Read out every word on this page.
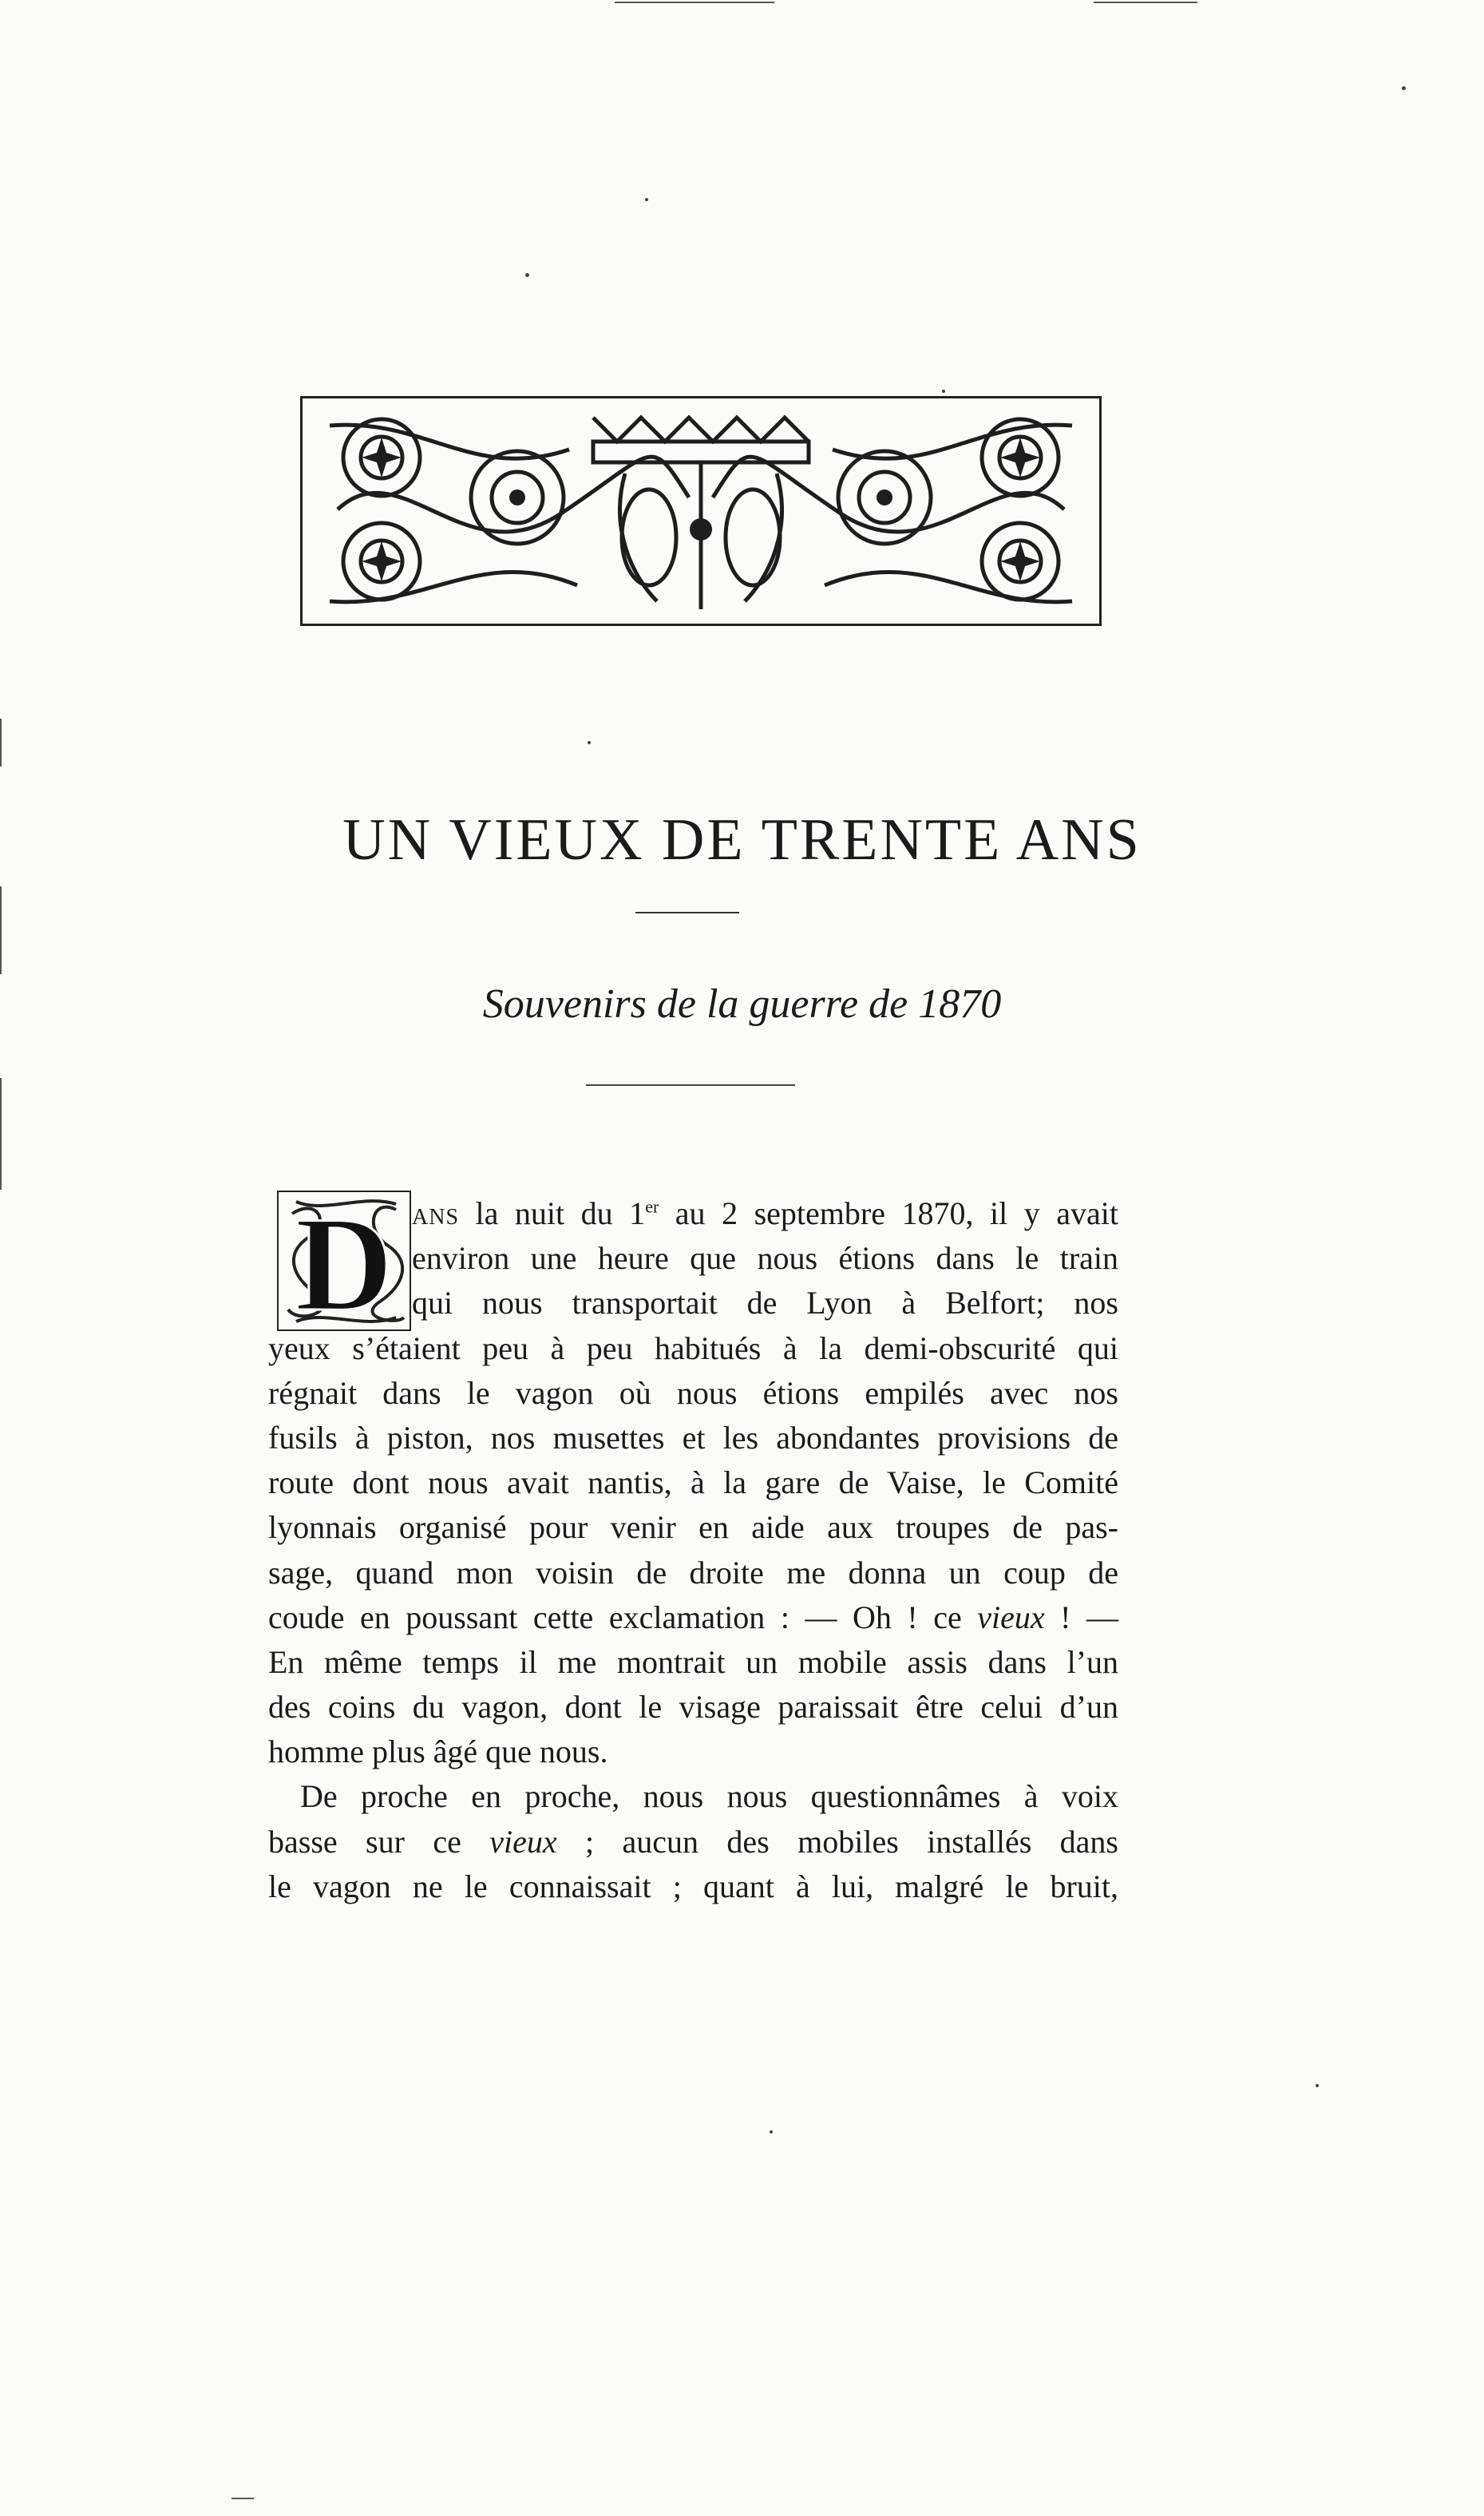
UN VIEUX DE TRENTE ANS

Souvenirs de la guerre de 1870

D ANS la nuit du 1er au 2 septembre 1870, il y avait
environ une heure que nous étions dans le train
qui nous transportait de Lyon à Belfort; nos
yeux s’étaient peu à peu habitués à la demi-obscurité qui
régnait dans le vagon où nous étions empilés avec nos
fusils à piston, nos musettes et les abondantes provisions de
route dont nous avait nantis, à la gare de Vaise, le Comité
lyonnais organisé pour venir en aide aux troupes de pas-
sage, quand mon voisin de droite me donna un coup de
coude en poussant cette exclamation : — Oh ! ce vieux ! —
En même temps il me montrait un mobile assis dans l’un
des coins du vagon, dont le visage paraissait être celui d’un
homme plus âgé que nous.
De proche en proche, nous nous questionnâmes à voix
basse sur ce vieux ; aucun des mobiles installés dans
le vagon ne le connaissait ; quant à lui, malgré le bruit,
